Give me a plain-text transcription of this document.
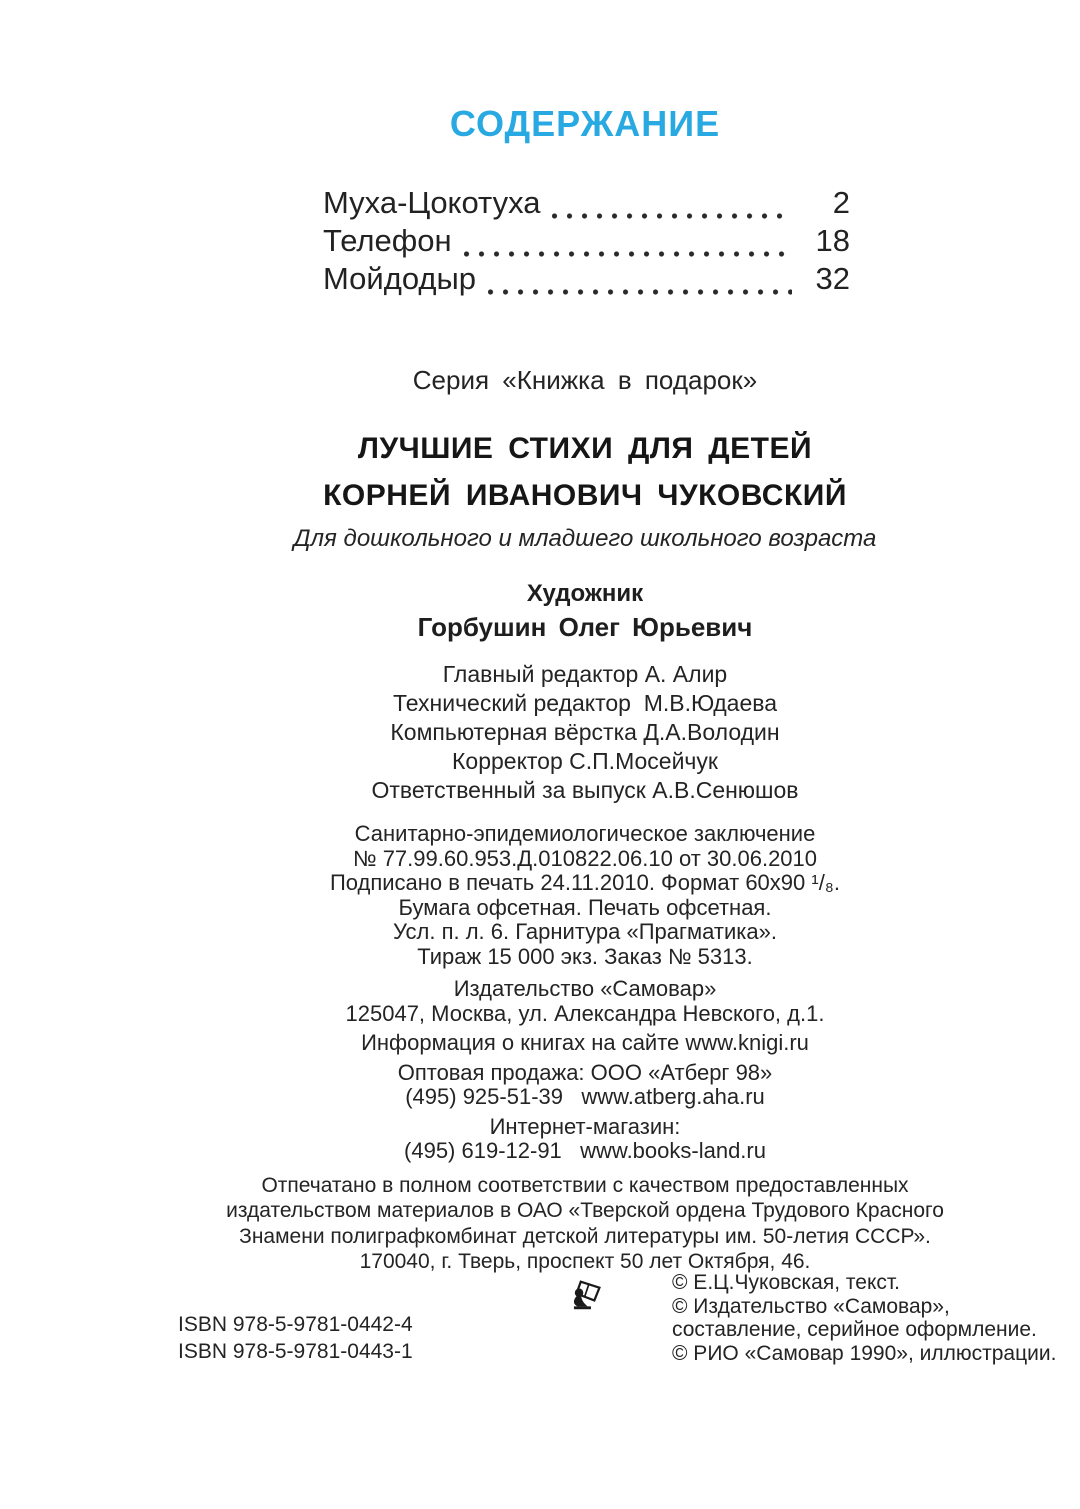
СОДЕРЖАНИЕ
Муха-Цокотуха	2
Телефон	18
Мойдодыр	32
Серия «Книжка в подарок»
ЛУЧШИЕ СТИХИ ДЛЯ ДЕТЕЙ
КОРНЕЙ ИВАНОВИЧ ЧУКОВСКИЙ
Для дошкольного и младшего школьного возраста
Художник
Горбушин Олег Юрьевич
Главный редактор А. Алир
Технический редактор  М.В.Юдаева
Компьютерная вёрстка Д.А.Володин
Корректор С.П.Мосейчук
Ответственный за выпуск А.В.Сенюшов
Санитарно-эпидемиологическое заключение
№ 77.99.60.953.Д.010822.06.10 от 30.06.2010
Подписано в печать 24.11.2010. Формат 60х90 ¹/₈.
Бумага офсетная. Печать офсетная.
Усл. п. л. 6. Гарнитура «Прагматика».
Тираж 15 000 экз. Заказ № 5313.
Издательство «Самовар»
125047, Москва, ул. Александра Невского, д.1.
Информация о книгах на сайте www.knigi.ru
Оптовая продажа: ООО «Атберг 98»
(495) 925-51-39   www.atberg.aha.ru
Интернет-магазин:
(495) 619-12-91   www.books-land.ru
Отпечатано в полном соответствии с качеством предоставленных
издательством материалов в ОАО «Тверской ордена Трудового Красного
Знамени полиграфкомбинат детской литературы им. 50-летия СССР».
170040, г. Тверь, проспект 50 лет Октября, 46.
ISBN 978-5-9781-0442-4
ISBN 978-5-9781-0443-1
© Е.Ц.Чуковская, текст.
© Издательство «Самовар»,
составление, серийное оформление.
© РИО «Самовар 1990», иллюстрации.
